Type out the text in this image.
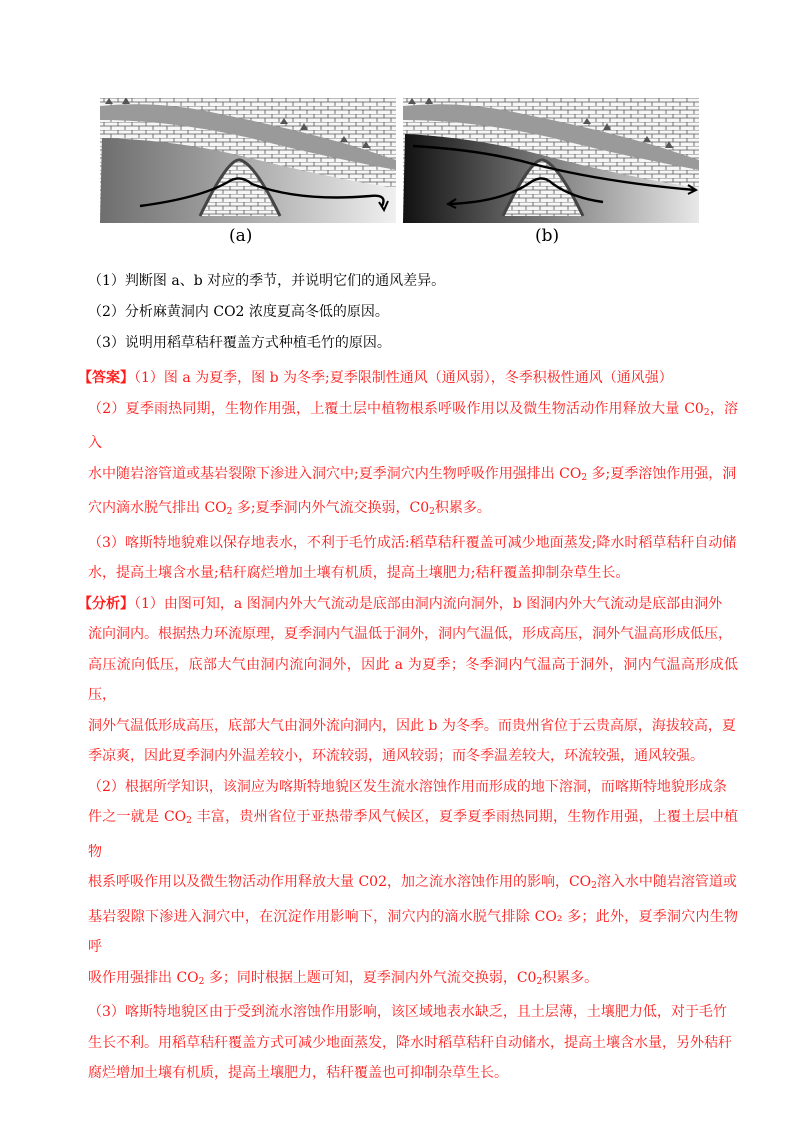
(a)	(b)

（1）判断图 a、b 对应的季节，并说明它们的通风差异。

（2）分析麻黄洞内 CO2 浓度夏高冬低的原因。

（3）说明用稻草秸秆覆盖方式种植毛竹的原因。

【答案】（1）图 a 为夏季，图 b 为冬季;夏季限制性通风（通风弱），冬季积极性通风（通风强）

（2）夏季雨热同期，生物作用强，上覆土层中植物根系呼吸作用以及微生物活动作用释放大量 C02，溶入

水中随岩溶管道或基岩裂隙下渗进入洞穴中;夏季洞穴内生物呼吸作用强排出 CO2 多;夏季溶蚀作用强，洞

穴内滴水脱气排出 CO2 多;夏季洞内外气流交换弱，C02积累多。

（3）喀斯特地貌难以保存地表水，不利于毛竹成活:稻草秸秆覆盖可减少地面蒸发;降水时稻草秸秆自动储

水，提高土壤含水量;秸秆腐烂增加土壤有机质，提高土壤肥力;秸秆覆盖抑制杂草生长。

【分析】（1）由图可知，a 图洞内外大气流动是底部由洞内流向洞外，b 图洞内外大气流动是底部由洞外

流向洞内。根据热力环流原理，夏季洞内气温低于洞外，洞内气温低，形成高压，洞外气温高形成低压，

高压流向低压，底部大气由洞内流向洞外，因此 a 为夏季；冬季洞内气温高于洞外，洞内气温高形成低压，

洞外气温低形成高压，底部大气由洞外流向洞内，因此 b 为冬季。而贵州省位于云贵高原，海拔较高，夏

季凉爽，因此夏季洞内外温差较小，环流较弱，通风较弱；而冬季温差较大，环流较强，通风较强。

（2）根据所学知识，该洞应为喀斯特地貌区发生流水溶蚀作用而形成的地下溶洞，而喀斯特地貌形成条

件之一就是 CO2 丰富，贵州省位于亚热带季风气候区，夏季夏季雨热同期，生物作用强，上覆土层中植物

根系呼吸作用以及微生物活动作用释放大量 C02，加之流水溶蚀作用的影响，CO2溶入水中随岩溶管道或

基岩裂隙下渗进入洞穴中，在沉淀作用影响下，洞穴内的滴水脱气排除 CO₂ 多；此外，夏季洞穴内生物呼

吸作用强排出 CO2 多；同时根据上题可知，夏季洞内外气流交换弱，C02积累多。

（3）喀斯特地貌区由于受到流水溶蚀作用影响，该区域地表水缺乏，且土层薄，土壤肥力低，对于毛竹

生长不利。用稻草秸秆覆盖方式可减少地面蒸发，降水时稻草秸秆自动储水，提高土壤含水量，另外秸秆

腐烂增加土壤有机质，提高土壤肥力，秸秆覆盖也可抑制杂草生长。
